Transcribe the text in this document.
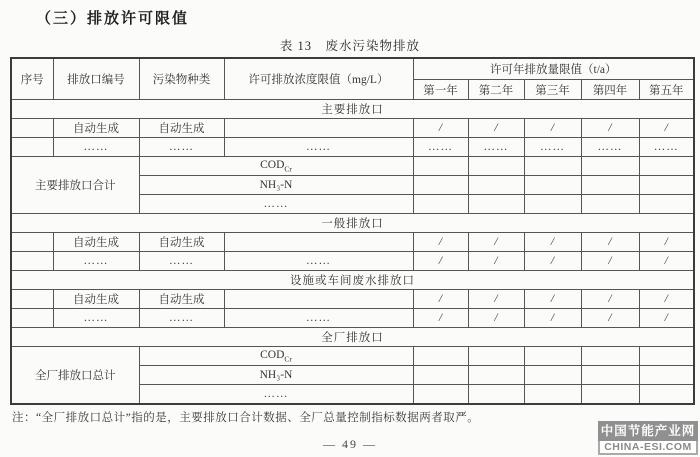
（三）排放许可限值
表 13　废水污染物排放
序号	排放口编号	污染物种类	许可排放浓度限值（mg/L）	许可年排放量限值（t/a）				
				第一年	第二年	第三年	第四年	第五年
主要排放口								
	自动生成	自动生成		/	/	/	/	/
	……	……	……	……	……	……	……	……
主要排放口合计		$COD_{Cr}$					
		NH₃-N						
		……						
一般排放口								
	自动生成	自动生成		/	/	/	/	/
	……	……	……	/	/	/	/	/
设施或车间废水排放口								
	自动生成	自动生成		/	/	/	/	/
	……	……	……	/	/	/	/	/
全厂排放口								
全厂排放口总计		$COD_{Cr}$					
		NH₃-N						
		……						
注：“全厂排放口总计”指的是，主要排放口合计数据、全厂总量控制指标数据两者取严。
— 49 —
中国节能产业网
CHINA-ESI.COM
